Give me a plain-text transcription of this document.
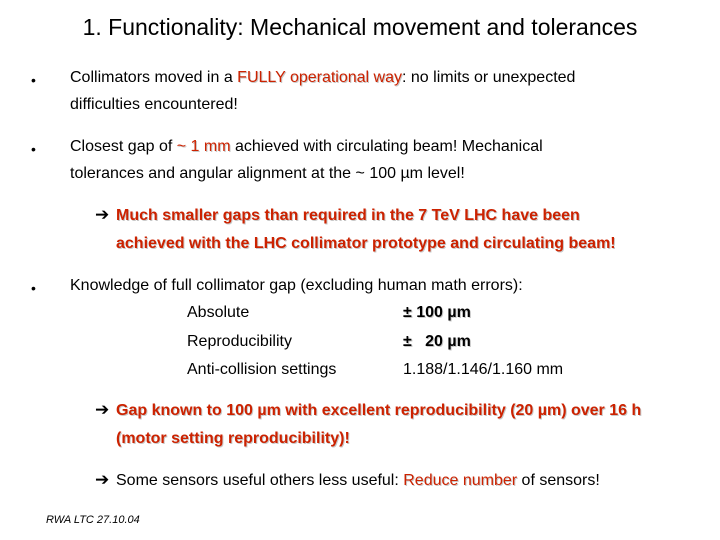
1. Functionality: Mechanical movement and tolerances
• Collimators moved in a FULLY operational way: no limits or unexpected
difficulties encountered!
• Closest gap of ~ 1 mm achieved with circulating beam! Mechanical
tolerances and angular alignment at the ~ 100 µm level!
➔ Much smaller gaps than required in the 7 TeV LHC have been
achieved with the LHC collimator prototype and circulating beam!
• Knowledge of full collimator gap (excluding human math errors):
Absolute	± 100 µm
Reproducibility	±   20 µm
Anti-collision settings	1.188/1.146/1.160 mm
➔ Gap known to 100 µm with excellent reproducibility (20 µm) over 16 h
(motor setting reproducibility)!
➔ Some sensors useful others less useful: Reduce number of sensors!
RWA LTC 27.10.04
